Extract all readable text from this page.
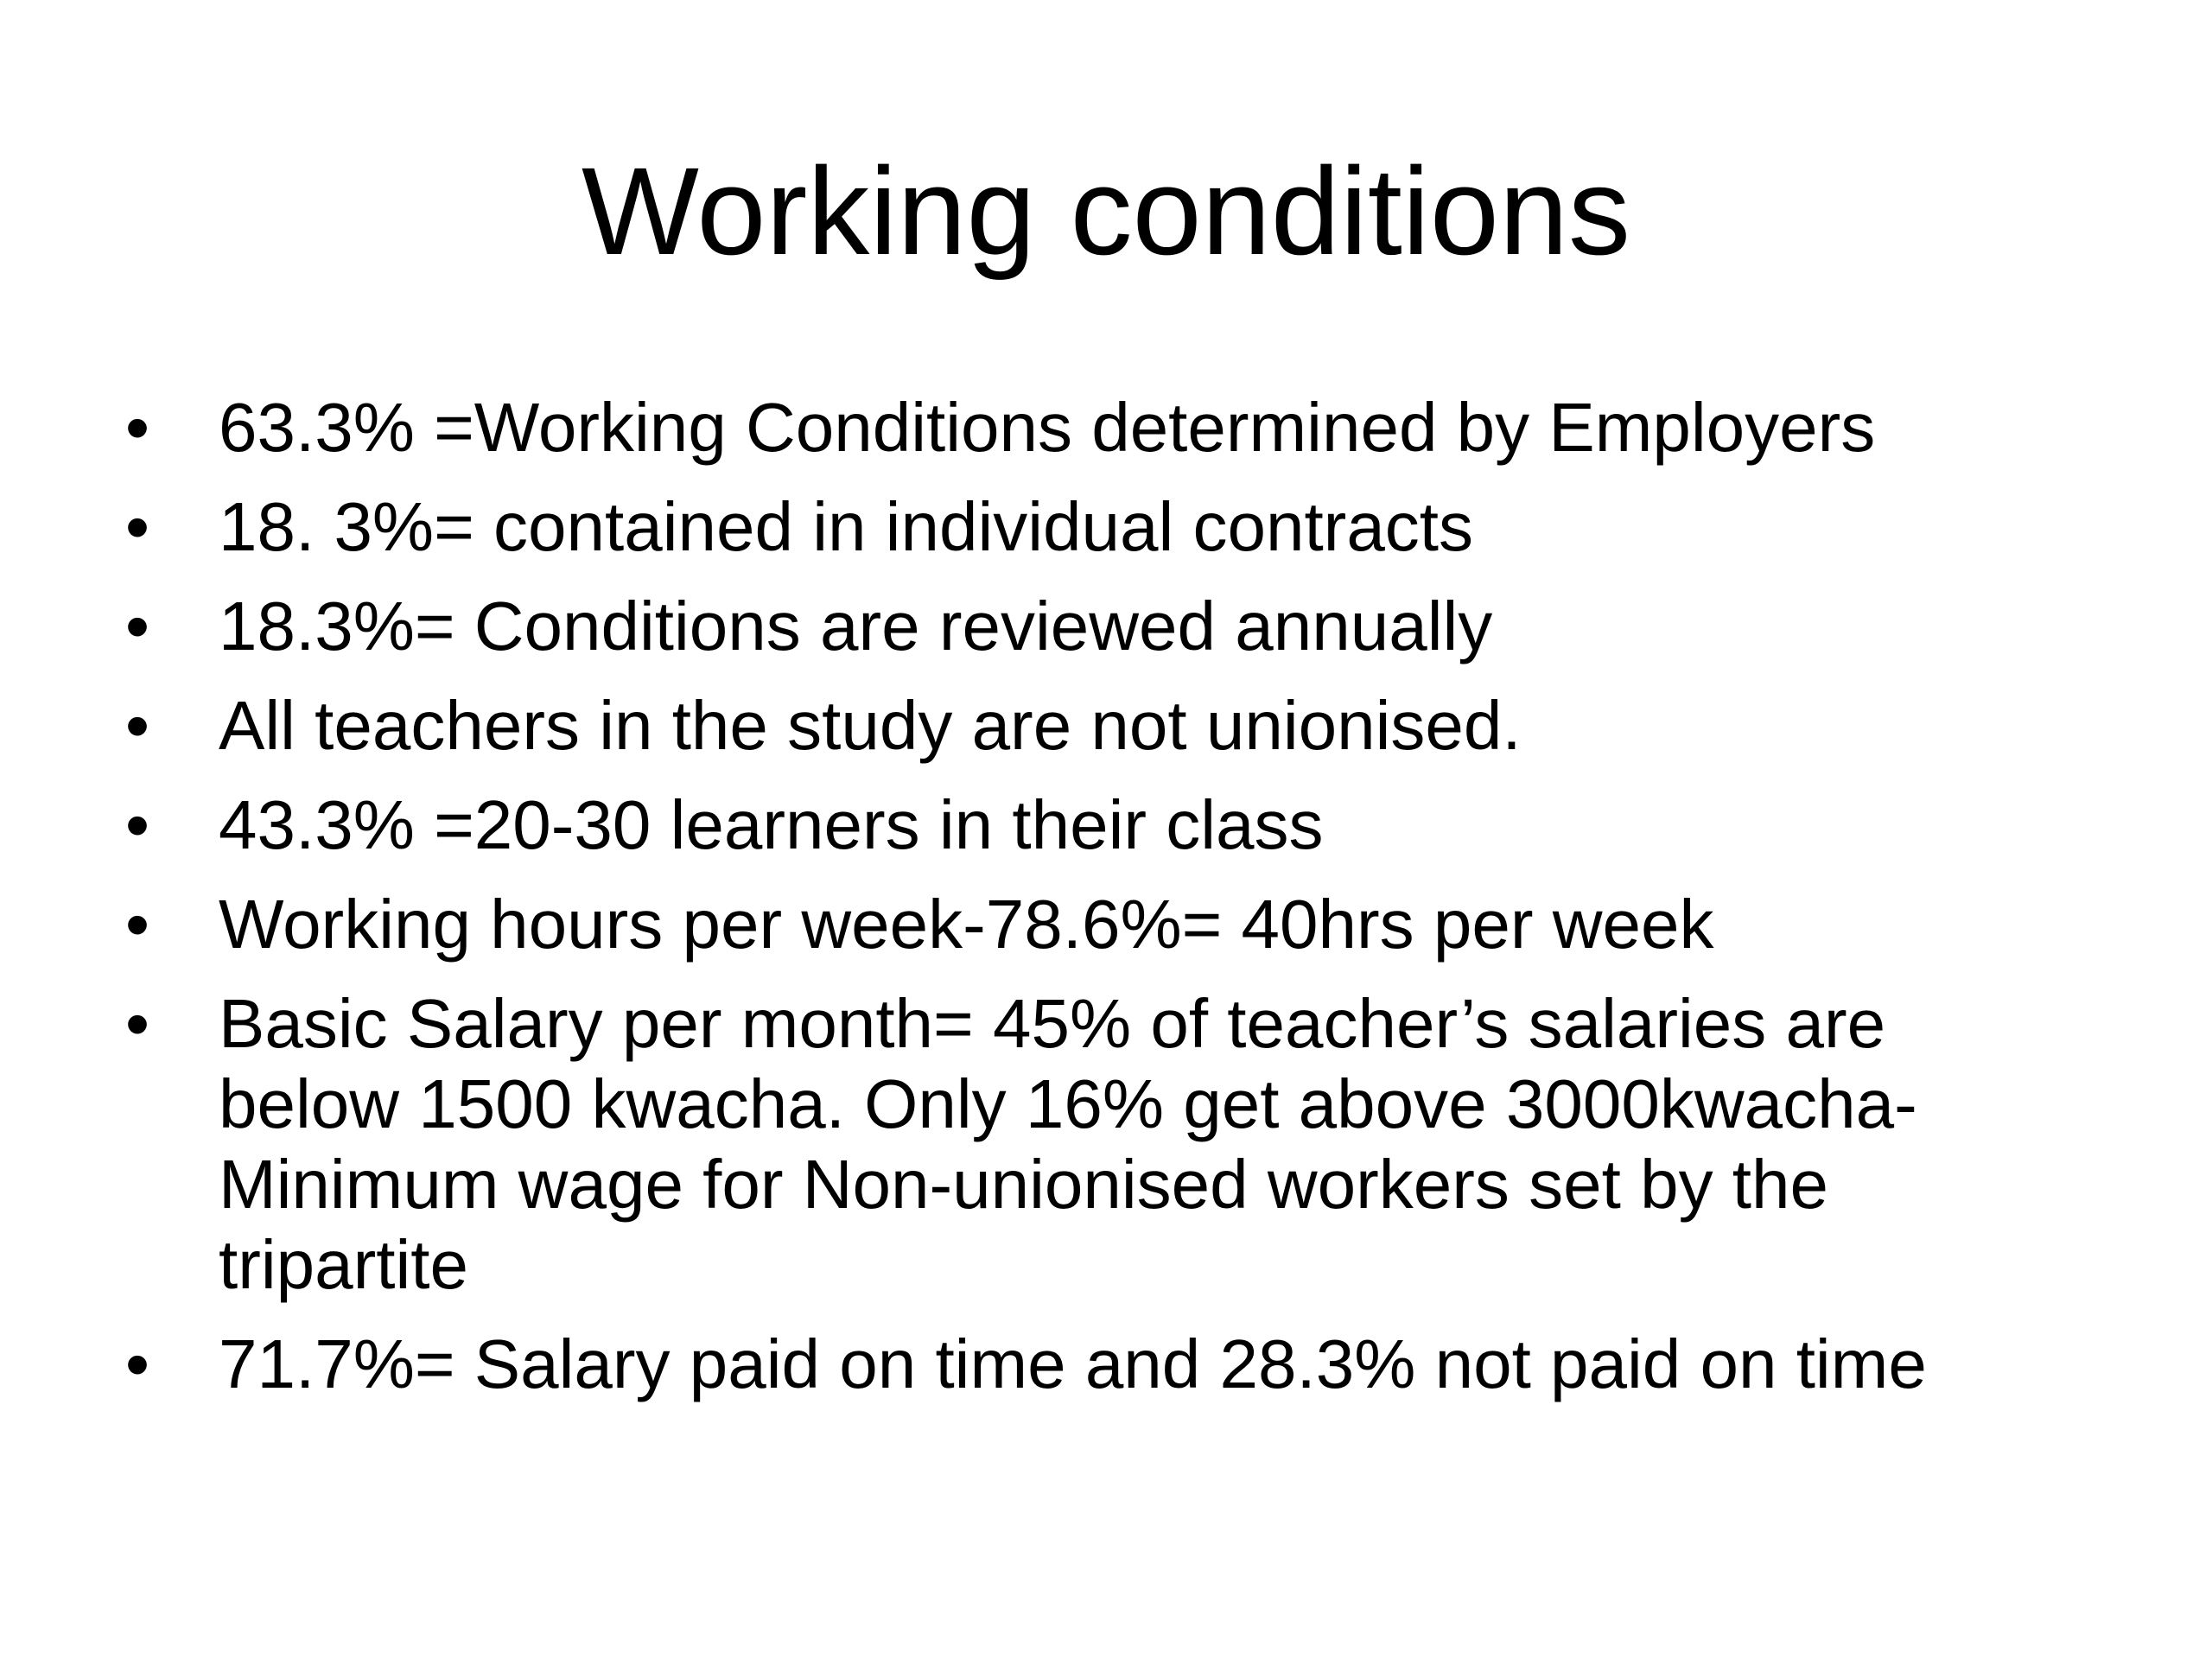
Working conditions
• 63.3% =Working Conditions determined by Employers
• 18. 3%= contained in individual contracts
• 18.3%= Conditions are reviewed annually
• All teachers in the study are not unionised.
• 43.3% =20-30 learners in their class
• Working hours per week-78.6%= 40hrs per week
• Basic Salary per month= 45% of teacher’s salaries are
below 1500 kwacha. Only 16% get above 3000kwacha-
Minimum wage for Non-unionised workers set by the
tripartite
• 71.7%= Salary paid on time and 28.3% not paid on time
